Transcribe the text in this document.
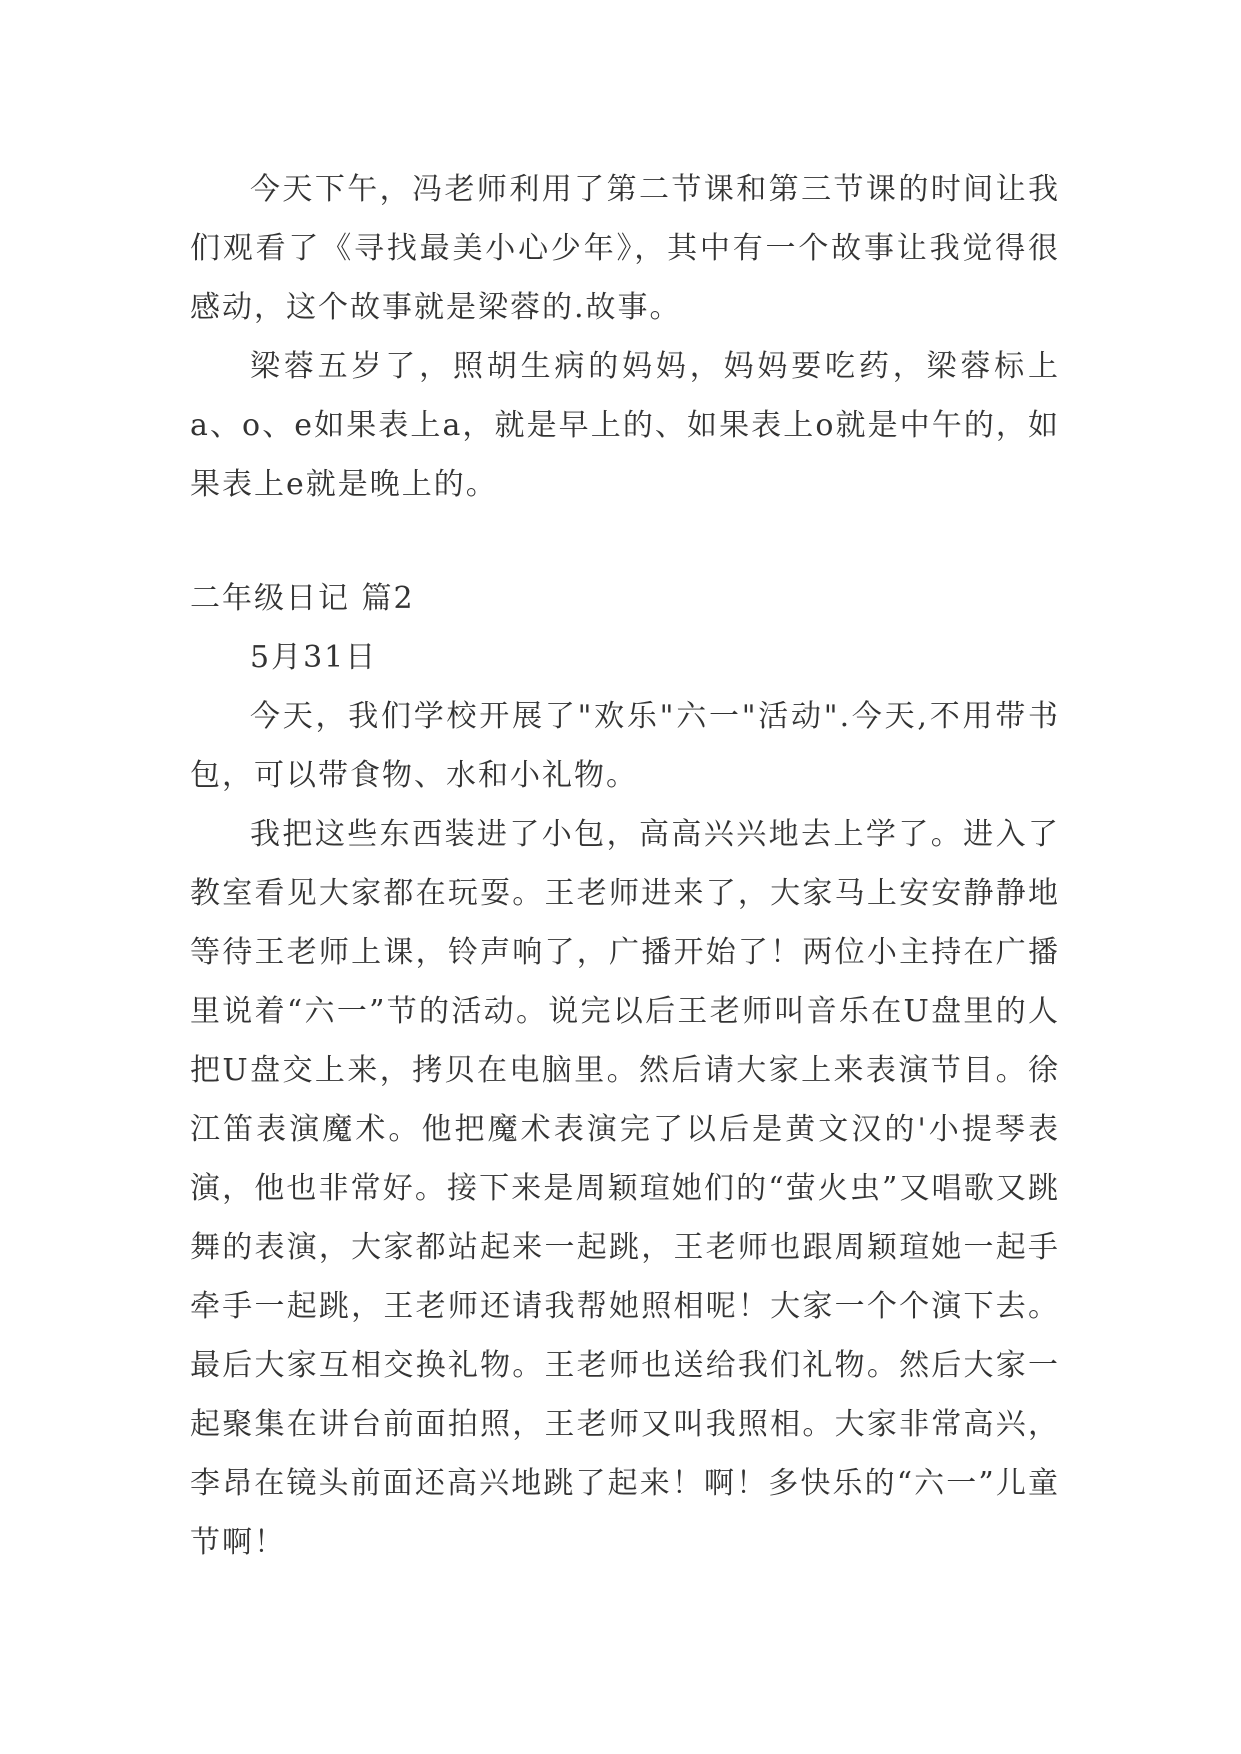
今天下午，冯老师利用了第二节课和第三节课的时间让我们观看了《寻找最美小心少年》，其中有一个故事让我觉得很感动，这个故事就是梁蓉的.故事。

梁蓉五岁了，照胡生病的妈妈，妈妈要吃药，梁蓉标上a、o、e如果表上a，就是早上的、如果表上o就是中午的，如果表上e就是晚上的。

二年级日记 篇2

5月31日

今天，我们学校开展了"欢乐"六一"活动".今天,不用带书包，可以带食物、水和小礼物。

我把这些东西装进了小包，高高兴兴地去上学了。进入了教室看见大家都在玩耍。王老师进来了，大家马上安安静静地等待王老师上课，铃声响了，广播开始了！两位小主持在广播里说着“六一”节的活动。说完以后王老师叫音乐在U盘里的人把U盘交上来，拷贝在电脑里。然后请大家上来表演节目。徐江笛表演魔术。他把魔术表演完了以后是黄文汉的'小提琴表演，他也非常好。接下来是周颖瑄她们的“萤火虫”又唱歌又跳舞的表演，大家都站起来一起跳，王老师也跟周颖瑄她一起手牵手一起跳，王老师还请我帮她照相呢！大家一个个演下去。最后大家互相交换礼物。王老师也送给我们礼物。然后大家一起聚集在讲台前面拍照，王老师又叫我照相。大家非常高兴，李昂在镜头前面还高兴地跳了起来！啊！多快乐的“六一”儿童节啊！
